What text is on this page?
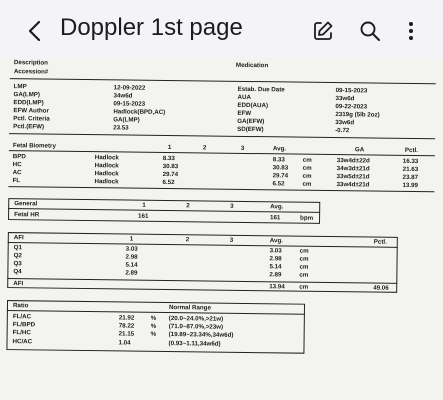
Doppler 1st page
Description	Medication
Accession#
LMP	12-09-2022	Estab. Due Date	09-15-2023
GA(LMP)	34w6d	AUA	33w6d
EDD(LMP)	09-15-2023	EDD(AUA)	09-22-2023
EFW Author	Hadlock(BPD,AC)	EFW	2319g (5lb 2oz)
Pctl. Criteria	GA(LMP)	GA(EFW)	33w6d
Pctl.(EFW)	23.53	SD(EFW)	-0.72
Fetal Biometry	1	2	3	Avg.	GA	Pctl.
BPD	Hadlock	8.33	8.33	cm	33w4d±22d	16.33
HC	Hadlock	30.83	30.83 cm	34w3d±21d	21.63
AC	Hadlock	29.74	29.74 cm	33w5d±21d	23.87
FL	Hadlock	6.52	6.52	cm	33w4d±21d	13.99
General	1	2	3	Avg.
Fetal HR	161	161	bpm
AFI	1	2	3	Avg.	Pctl.
Q1	3.03	3.03	cm
Q2	2.98	2.98	cm
Q3	5.14	5.14	cm
Q4	2.89	2.89	cm
AFI	13.94 cm	49.06
Ratio	Normal Range
FL/AC	21.92	% (20.0~24.0%,>21w)
FL/BPD	78.22	% (71.0~87.0%,>23w)
FL/HC	21.15	% (19.89~23.34%,34w6d)
HC/AC	1.04	(0.93~1.11,34w6d)
